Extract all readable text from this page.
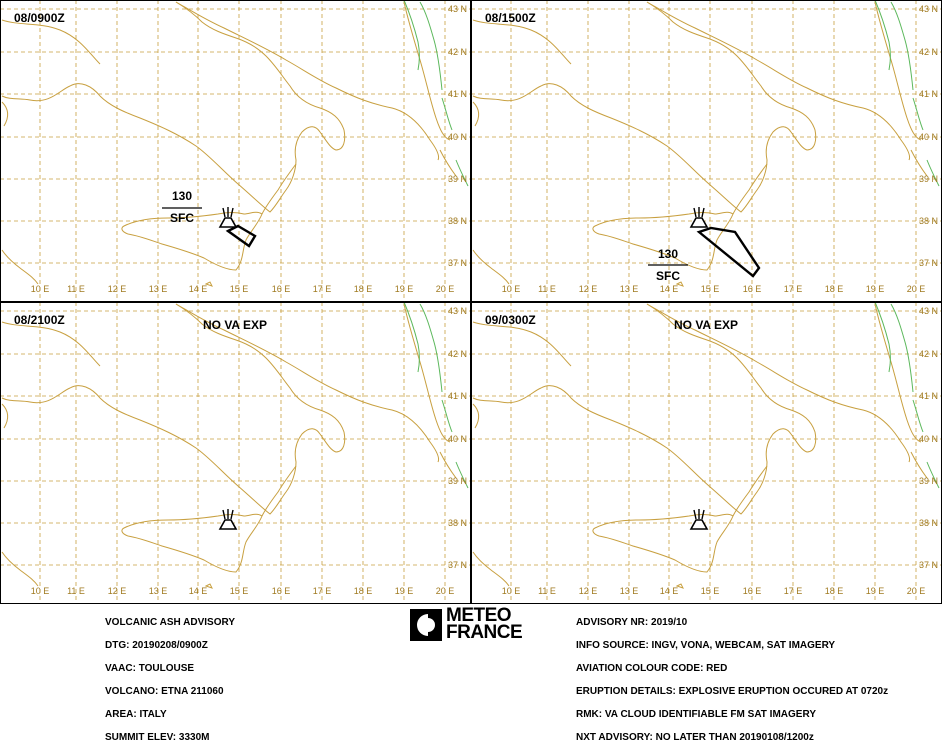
10 E 11 E	12 E 13 E 14 E 15 E	16 E 17 E 18 E 19 E 20 E
43 N
42 N
41 N
40 N
39 N
38 N
37 N
08/0900Z
130
SFC
10 E 11 E	12 E 13 E 14 E 15 E	16 E 17 E 18 E 19 E 20 E
43 N
42 N
41 N
40 N
39 N
38 N
37 N
08/1500Z
130
SFC
10 E 11 E	12 E 13 E 14 E 15 E	16 E 17 E 18 E 19 E 20 E
43 N
42 N
41 N
40 N
39 N
38 N
37 N
08/2100Z	NO VA EXP
10 E 11 E	12 E 13 E 14 E 15 E	16 E 17 E 18 E 19 E 20 E
43 N
42 N
41 N
40 N
39 N
38 N
37 N
09/0300Z	NO VA EXP
METEO
FRANCE
VOLCANIC ASH ADVISORY
DTG: 20190208/0900Z
VAAC: TOULOUSE
VOLCANO: ETNA 211060
AREA: ITALY
SUMMIT ELEV: 3330M
ADVISORY NR: 2019/10
INFO SOURCE: INGV, VONA, WEBCAM, SAT IMAGERY
AVIATION COLOUR CODE: RED
ERUPTION DETAILS: EXPLOSIVE ERUPTION OCCURED AT 0720z
RMK: VA CLOUD IDENTIFIABLE FM SAT IMAGERY
NXT ADVISORY: NO LATER THAN 20190108/1200z
